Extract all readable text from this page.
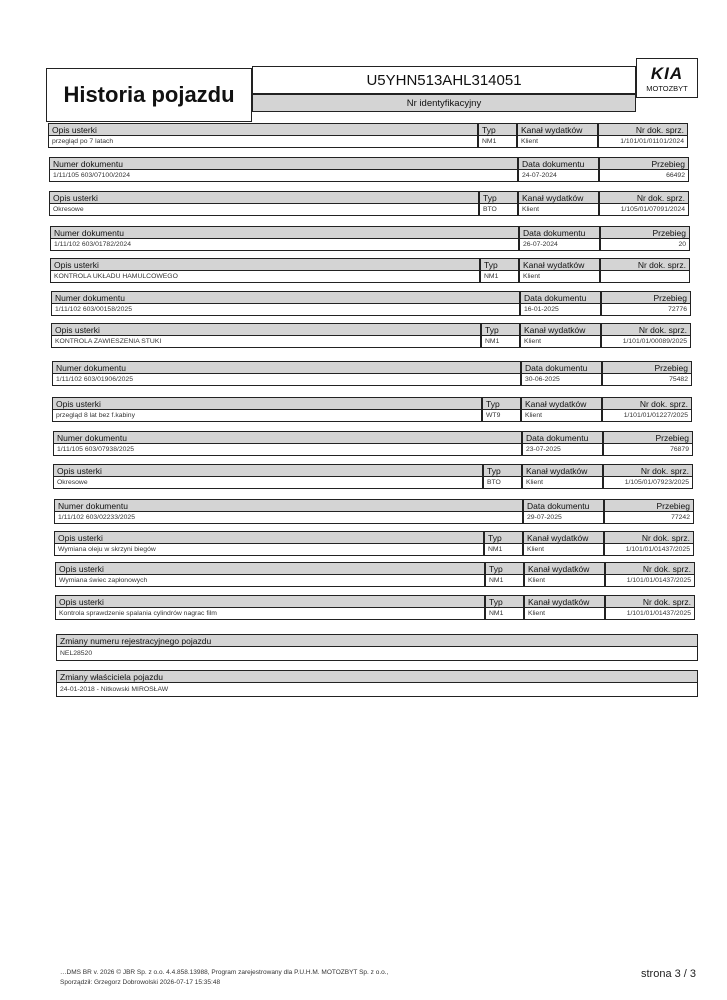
Historia pojazdu
U5YHN513AHL314051
Nr identyfikacyjny
KIA
MOTOZBYT
Opis usterki
przegląd po 7 latach
Typ
NM1
Kanał wydatków
Klient
Nr dok. sprz.
1/101/01/01101/2024
Numer dokumentu
1/11/105 603/07100/2024
Data dokumentu
24-07-2024
Przebieg
66492
Opis usterki
Okresowe
Typ
BTO
Kanał wydatków
Klient
Nr dok. sprz.
1/105/01/07091/2024
Numer dokumentu
1/11/102 603/01782/2024
Data dokumentu
26-07-2024
Przebieg
20
Opis usterki
KONTROLA UKŁADU HAMULCOWEGO
Typ
NM1
Kanał wydatków
Klient
Nr dok. sprz.
Numer dokumentu
1/11/102 603/00158/2025
Data dokumentu
16-01-2025
Przebieg
72776
Opis usterki
KONTROLA ZAWIESZENIA STUKI
Typ
NM1
Kanał wydatków
Klient
Nr dok. sprz.
1/101/01/00089/2025
Numer dokumentu
1/11/102 603/01906/2025
Data dokumentu
30-06-2025
Przebieg
75482
Opis usterki
przegląd 8 lat bez f.kabiny
Typ
WT9
Kanał wydatków
Klient
Nr dok. sprz.
1/101/01/01227/2025
Numer dokumentu
1/11/105 603/07938/2025
Data dokumentu
23-07-2025
Przebieg
76879
Opis usterki
Okresowe
Typ
BTO
Kanał wydatków
Klient
Nr dok. sprz.
1/105/01/07923/2025
Numer dokumentu
1/11/102 603/02233/2025
Data dokumentu
29-07-2025
Przebieg
77242
Opis usterki
Wymiana oleju w skrzyni biegów
Typ
NM1
Kanał wydatków
Klient
Nr dok. sprz.
1/101/01/01437/2025
Opis usterki
Wymiana świec zapłonowych
Typ
NM1
Kanał wydatków
Klient
Nr dok. sprz.
1/101/01/01437/2025
Opis usterki
Kontrola sprawdzenie spalania cylindrów nagrac film
Typ
NM1
Kanał wydatków
Klient
Nr dok. sprz.
1/101/01/01437/2025
Zmiany numeru rejestracyjnego pojazdu
NEL28520
Zmiany właściciela pojazdu
24-01-2018 - Nitkowski MIROSŁAW
…DMS BR v. 2026 © JBR Sp. z o.o. 4.4.858.13988, Program zarejestrowany dla P.U.H.M. MOTOZBYT Sp. z o.o.,
Sporządził: Grzegorz Dobrowolski 2026-07-17 15:35:48
strona 3 / 3
